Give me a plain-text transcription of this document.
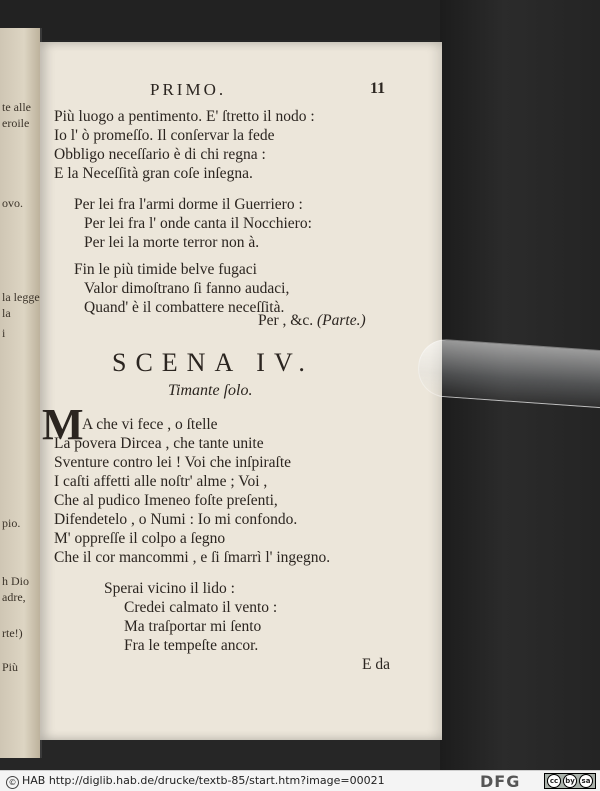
te alle
eroile
ovo.
la legge
la
i
pio.
h Dio
adre,
rte!)
Più
PRIMO.	11
Più luogo a pentimento. E' ſtretto il nodo :
Io l' ò promeſſo. Il conſervar la fede
Obbligo neceſſario è di chi regna :
E la Neceſſità gran coſe inſegna.
Per lei fra l'armi dorme il Guerriero :
Per lei fra l' onde canta il Nocchiero:
Per lei la morte terror non à.
Fin le più timide belve fugaci
Valor dimoſtrano ſi fanno audaci,
Quand' è il combattere neceſſità.
Per , &c. (Parte.)
SCENA IV.
Timante ſolo.
M
A che vi fece , o ſtelle
La povera Dircea , che tante unite
Sventure contro lei ! Voi che inſpiraſte
I caſti affetti alle noſtr' alme ; Voi ,
Che al pudico Imeneo foſte preſenti,
Difendetelo , o Numi : Io mi confondo.
M' oppreſſe il colpo a ſegno
Che il cor mancommi , e ſi ſmarrì l' ingegno.
Sperai vicino il lido :
Credei calmato il vento :
Ma traſportar mi ſento
Fra le tempeſte ancor.
E da
© HAB http://diglib.hab.de/drucke/textb-85/start.htm?image=00021	DFG	cc	by sa
